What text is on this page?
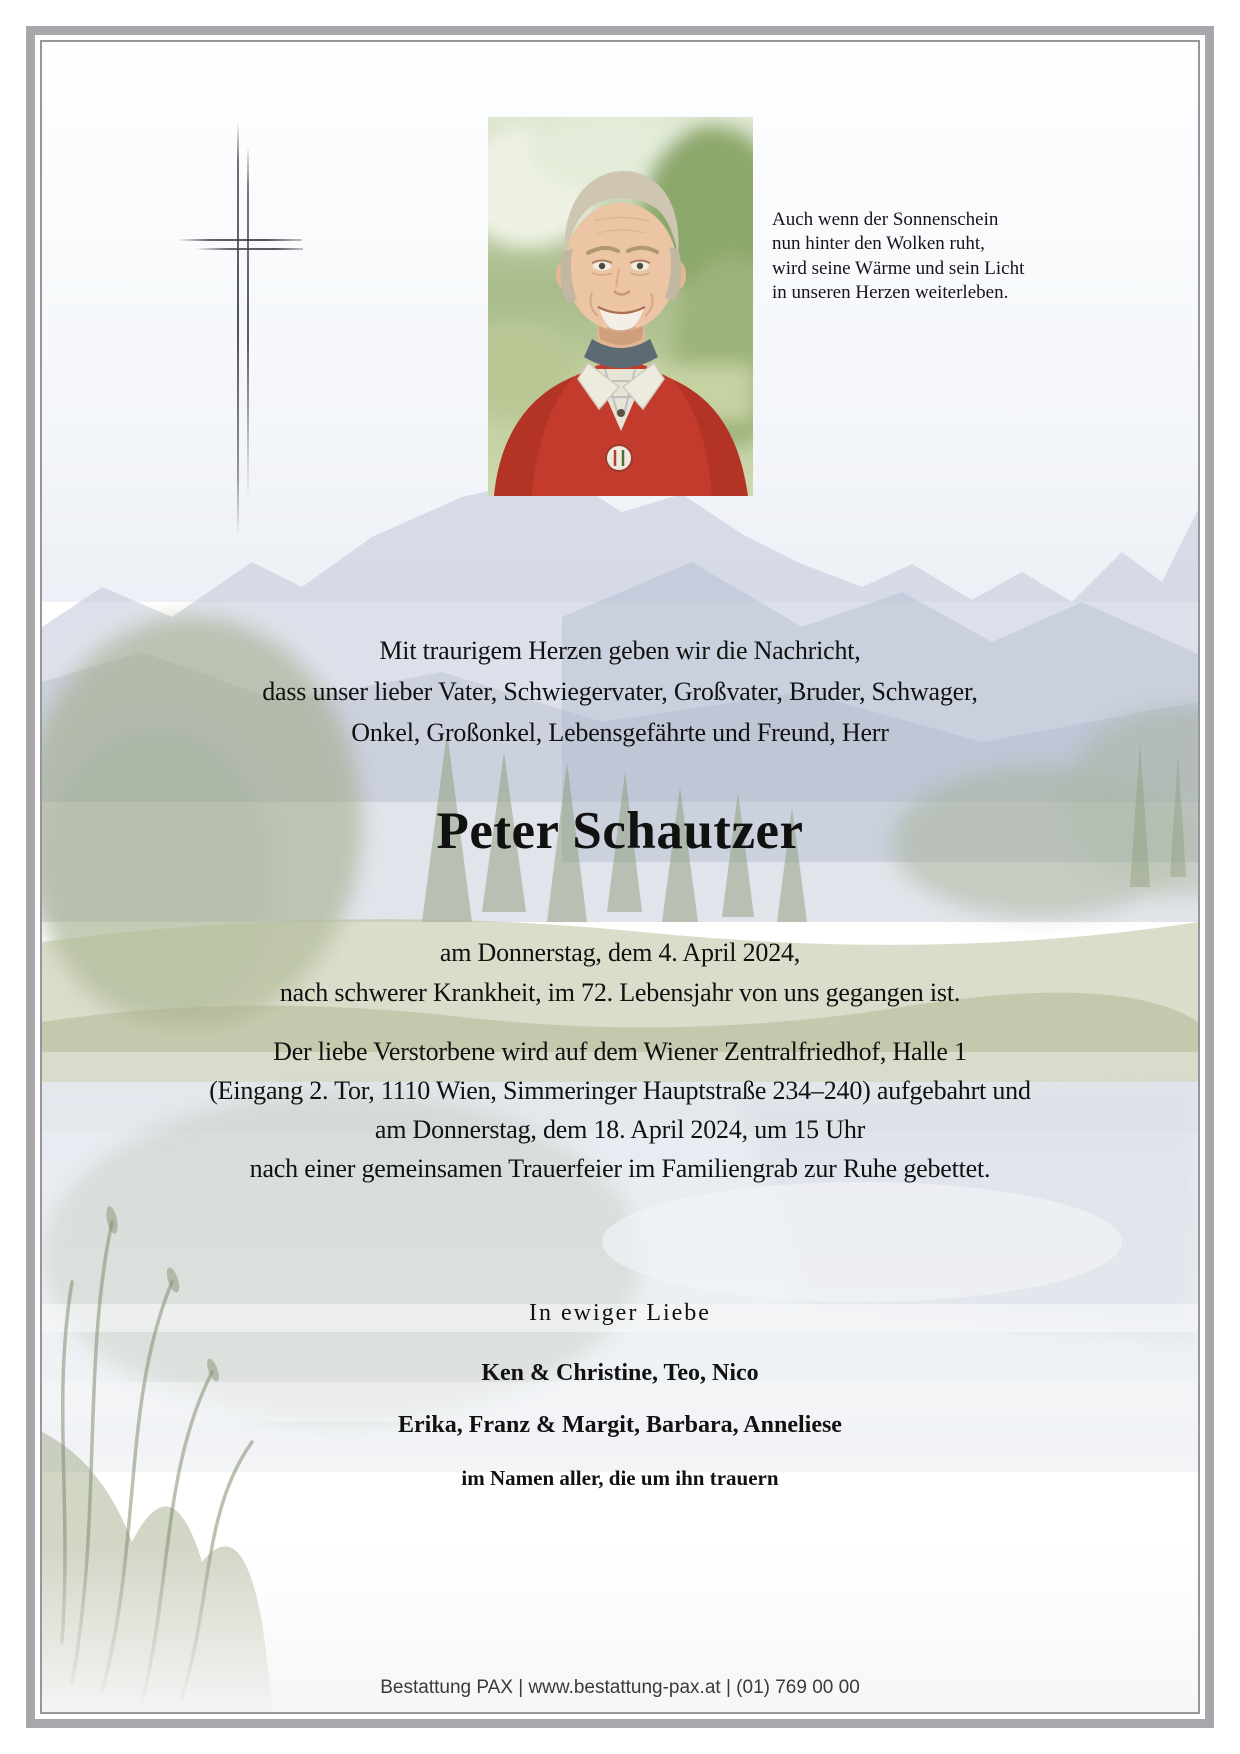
Auch wenn der Sonnenschein
nun hinter den Wolken ruht,
wird seine Wärme und sein Licht
in unseren Herzen weiterleben.
Mit traurigem Herzen geben wir die Nachricht,
dass unser lieber Vater, Schwiegervater, Großvater, Bruder, Schwager,
Onkel, Großonkel, Lebensgefährte und Freund, Herr
Peter Schautzer
am Donnerstag, dem 4. April 2024,
nach schwerer Krankheit, im 72. Lebensjahr von uns gegangen ist.
Der liebe Verstorbene wird auf dem Wiener Zentralfriedhof, Halle 1
(Eingang 2. Tor, 1110 Wien, Simmeringer Hauptstraße 234–240) aufgebahrt und
am Donnerstag, dem 18. April 2024, um 15 Uhr
nach einer gemeinsamen Trauerfeier im Familiengrab zur Ruhe gebettet.
In ewiger Liebe
Ken & Christine, Teo, Nico
Erika, Franz & Margit, Barbara, Anneliese
im Namen aller, die um ihn trauern
Bestattung PAX | www.bestattung-pax.at | (01) 769 00 00
